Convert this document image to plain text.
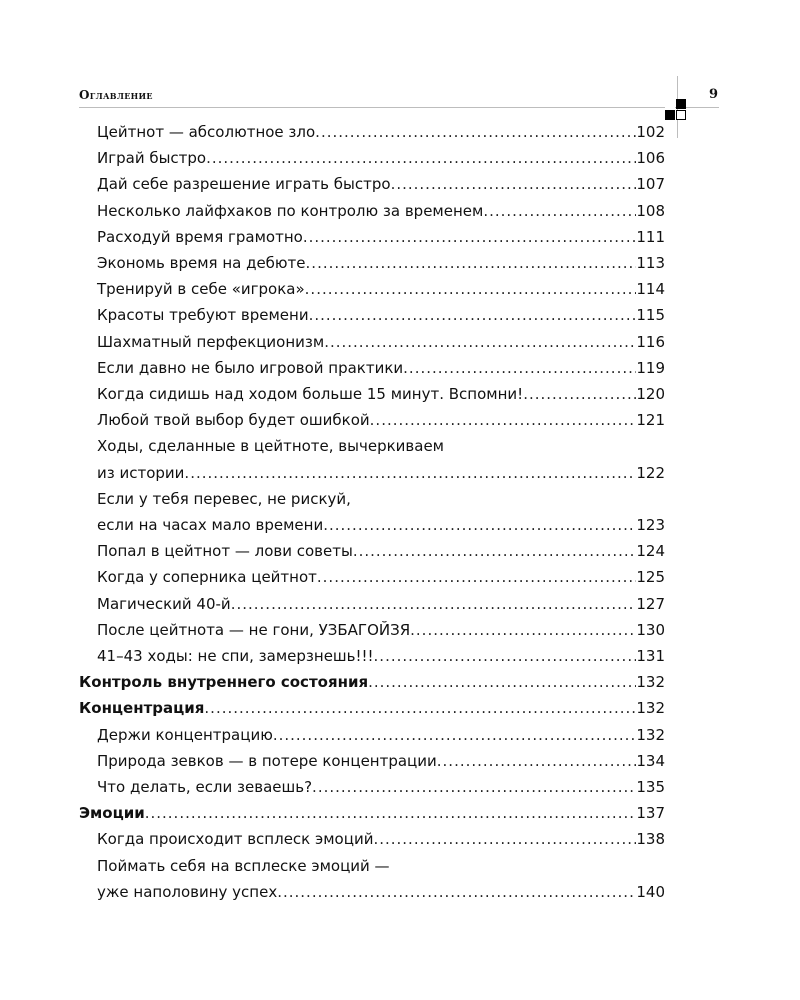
Оглавление	9
Цейтнот — абсолютное зло .....	102
Играй быстро .....	106
Дай себе разрешение играть быстро .....	107
Несколько лайфхаков по контролю за временем .....	108
Расходуй время грамотно .....	111
Экономь время на дебюте .....	113
Тренируй в себе «игрока» .....	114
Красоты требуют времени .....	115
Шахматный перфекционизм .....	116
Если давно не было игровой практики .....	119
Когда сидишь над ходом больше 15 минут. Вспомни! .....	120
Любой твой выбор будет ошибкой .....	121
Ходы, сделанные в цейтноте, вычеркиваем
из истории .....	122
Если у тебя перевес, не рискуй,
если на часах мало времени .....	123
Попал в цейтнот — лови советы .....	124
Когда у соперника цейтнот .....	125
Магический 40-й .....	127
После цейтнота — не гони, УЗБАГОЙЗЯ .....	130
41–43 ходы: не спи, замерзнешь!!! .....	131
Контроль внутреннего состояния .....	132
Концентрация .....	132
Держи концентрацию .....	132
Природа зевков — в потере концентрации .....	134
Что делать, если зеваешь? .....	135
Эмоции .....	137
Когда происходит всплеск эмоций .....	138
Поймать себя на всплеске эмоций —
уже наполовину успех .....	140
